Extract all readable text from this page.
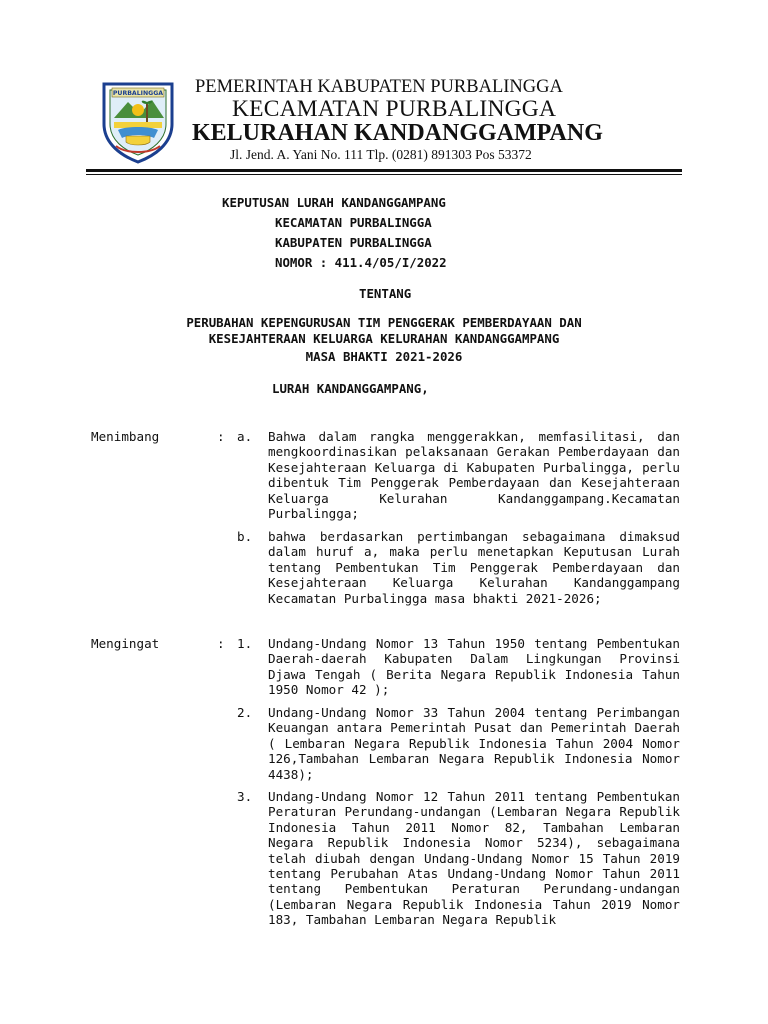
PURBALINGGA PEMERINTAH KABUPATEN PURBALINGGA
KECAMATAN PURBALINGGA
KELURAHAN KANDANGGAMPANG
Jl. Jend. A. Yani No. 111 Tlp. (0281) 891303 Pos 53372
KEPUTUSAN LURAH KANDANGGAMPANG
KECAMATAN PURBALINGGA
KABUPATEN PURBALINGGA
NOMOR : 411.4/05/I/2022
TENTANG
PERUBAHAN KEPENGURUSAN TIM PENGGERAK PEMBERDAYAAN DAN
KESEJAHTERAAN KELUARGA KELURAHAN KANDANGGAMPANG
MASA BHAKTI 2021-2026
LURAH KANDANGGAMPANG,
Menimbang	: a. Bahwa dalam rangka menggerakkan, memfasilitasi, dan mengkoordinasikan pelaksanaan Gerakan Pemberdayaan dan Kesejahteraan Keluarga di Kabupaten Purbalingga, perlu dibentuk Tim Penggerak Pemberdayaan dan Kesejahteraan Keluarga Kelurahan Kandanggampang.Kecamatan Purbalingga;
b. bahwa berdasarkan pertimbangan sebagaimana dimaksud dalam huruf a, maka perlu menetapkan Keputusan Lurah tentang Pembentukan Tim Penggerak Pemberdayaan dan Kesejahteraan Keluarga Kelurahan Kandanggampang Kecamatan Purbalingga masa bhakti 2021-2026;
Mengingat	: 1. Undang-Undang Nomor 13 Tahun 1950 tentang Pembentukan Daerah-daerah Kabupaten Dalam Lingkungan Provinsi Djawa Tengah ( Berita Negara Republik Indonesia Tahun 1950 Nomor 42 );
2. Undang-Undang Nomor 33 Tahun 2004 tentang Perimbangan Keuangan antara Pemerintah Pusat dan Pemerintah Daerah ( Lembaran Negara Republik Indonesia Tahun 2004 Nomor 126,Tambahan Lembaran Negara Republik Indonesia Nomor 4438);
3. Undang-Undang Nomor 12 Tahun 2011 tentang Pembentukan Peraturan Perundang-undangan (Lembaran Negara Republik Indonesia Tahun 2011 Nomor 82, Tambahan Lembaran Negara Republik Indonesia Nomor 5234), sebagaimana telah diubah dengan Undang-Undang Nomor 15 Tahun 2019 tentang Perubahan Atas Undang-Undang Nomor Tahun 2011 tentang Pembentukan Peraturan Perundang-undangan (Lembaran Negara Republik Indonesia Tahun 2019 Nomor 183, Tambahan Lembaran Negara Republik
